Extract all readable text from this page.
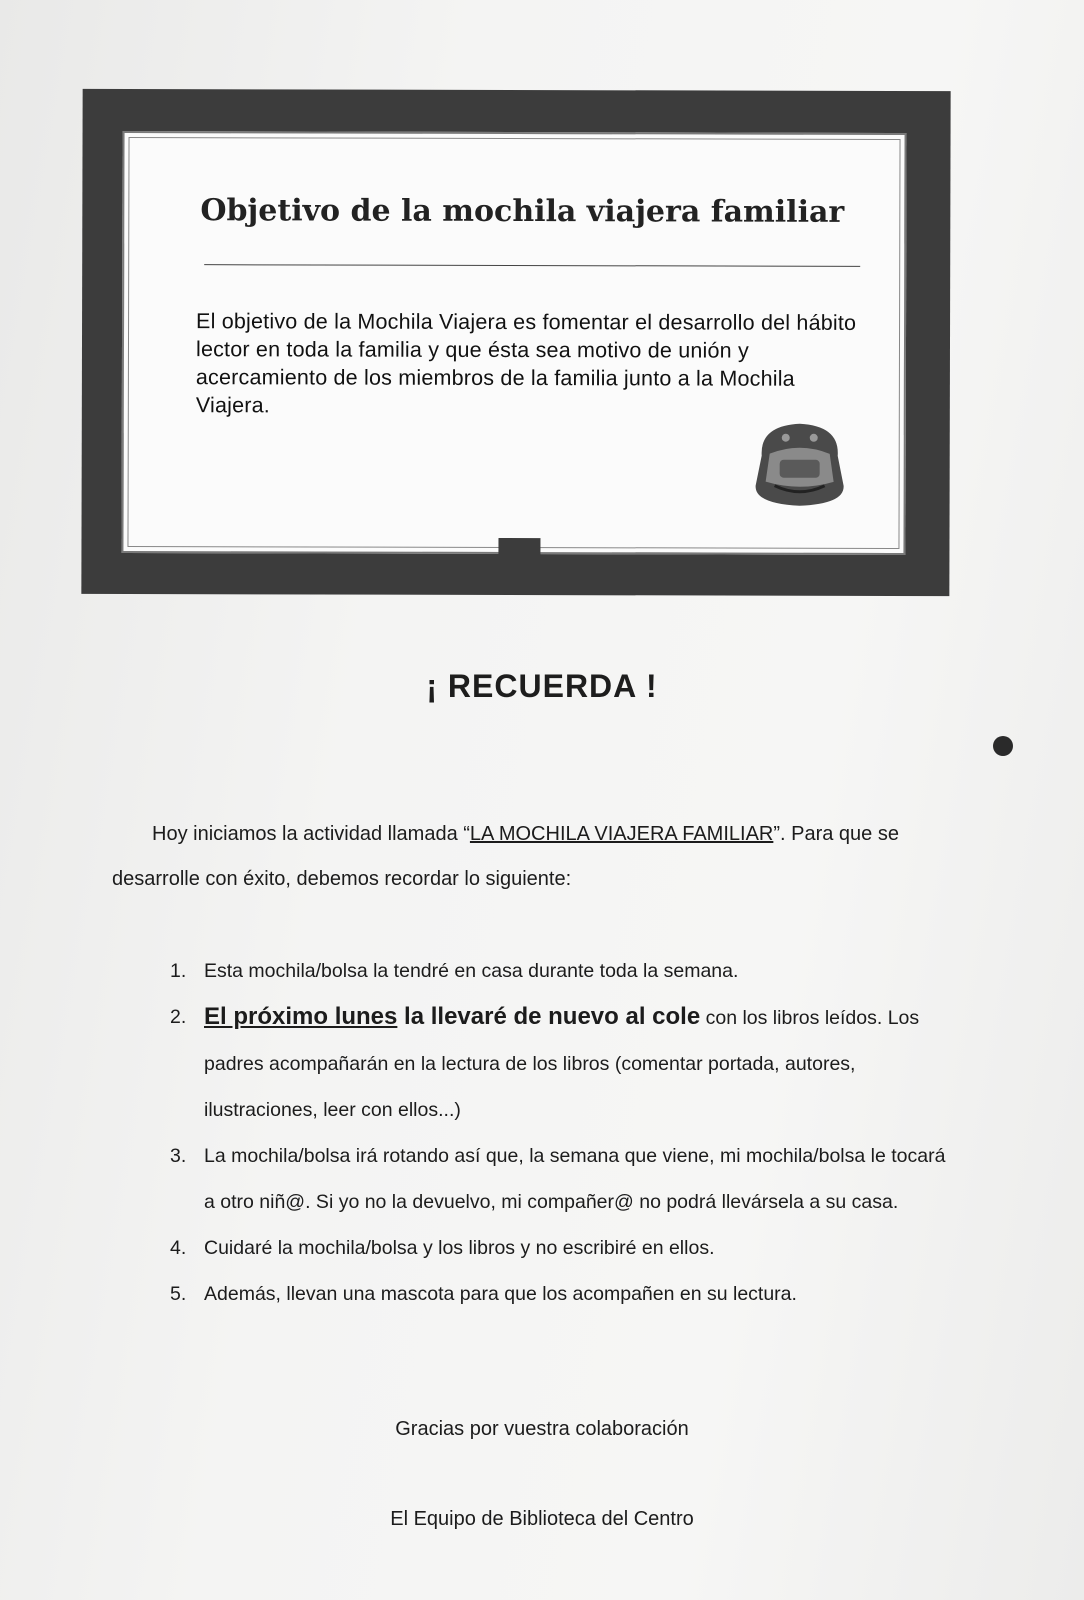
Objetivo de la mochila viajera familiar
El objetivo de la Mochila Viajera es fomentar el desarrollo del hábito lector en toda la familia y que ésta sea motivo de unión y acercamiento de los miembros de la familia junto a la Mochila Viajera.
¡ RECUERDA !
Hoy iniciamos la actividad llamada “LA MOCHILA VIAJERA FAMILIAR”. Para que se desarrolle con éxito, debemos recordar lo siguiente:
1. Esta mochila/bolsa la tendré en casa durante toda la semana.
2. El próximo lunes la llevaré de nuevo al cole con los libros leídos. Los padres acompañarán en la lectura de los libros (comentar portada, autores, ilustraciones, leer con ellos...)
3. La mochila/bolsa irá rotando así que, la semana que viene, mi mochila/bolsa le tocará a otro niñ@. Si yo no la devuelvo, mi compañer@ no podrá llevársela a su casa.
4. Cuidaré la mochila/bolsa y los libros y no escribiré en ellos.
5. Además, llevan una mascota para que los acompañen en su lectura.
Gracias por vuestra colaboración
El Equipo de Biblioteca del Centro
